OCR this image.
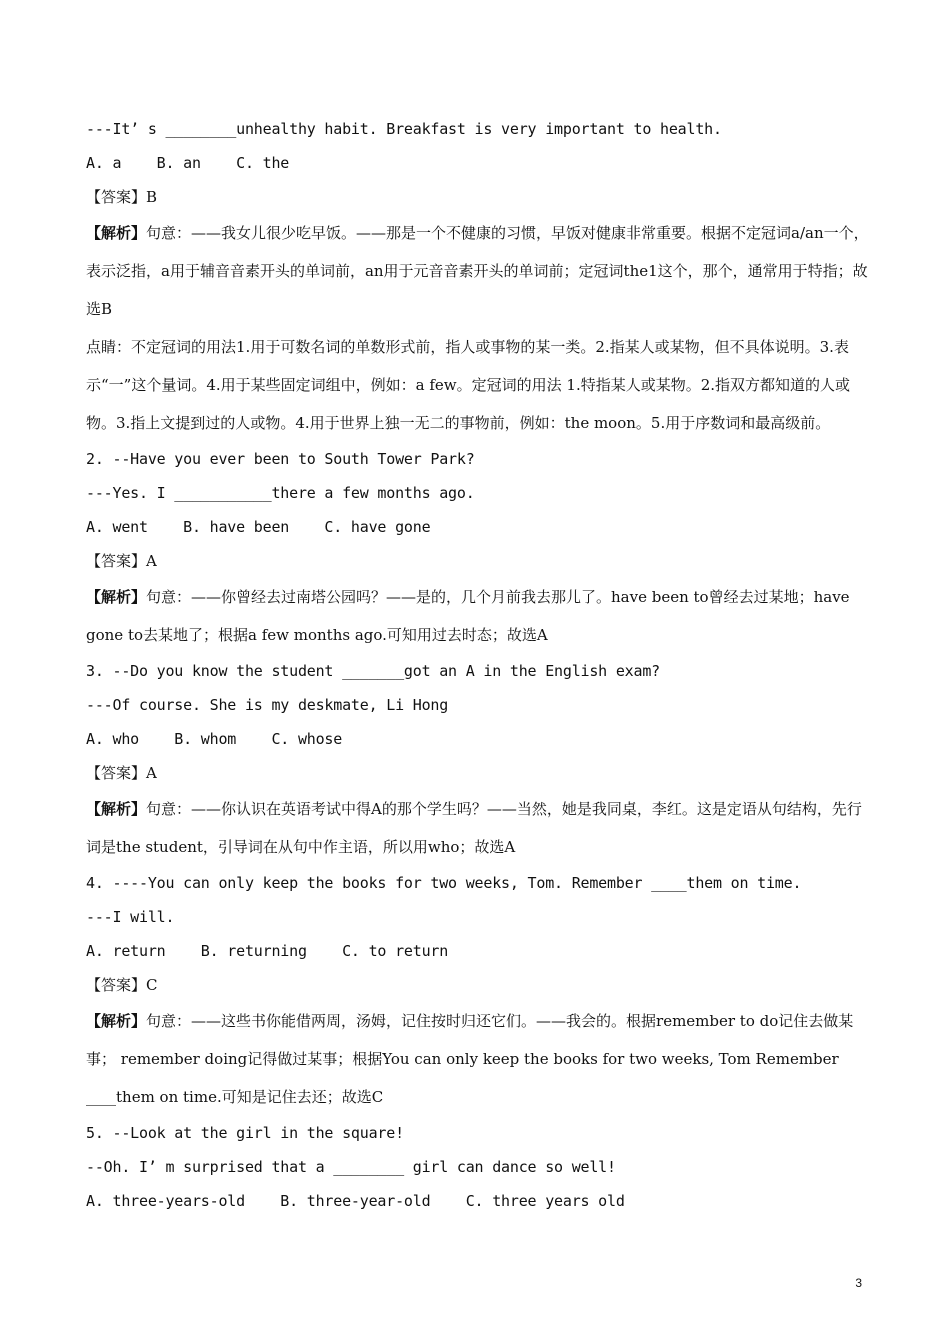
---It’ s ________unhealthy habit. Breakfast is very important to health.
A. a    B. an    C. the
【答案】B
【解析】句意：——我女儿很少吃早饭。——那是一个不健康的习惯，早饭对健康非常重要。根据不定冠词a/an一个，表示泛指，a用于辅音音素开头的单词前，an用于元音音素开头的单词前；定冠词the1这个，那个，通常用于特指；故选B
点睛：不定冠词的用法1.用于可数名词的单数形式前，指人或事物的某一类。2.指某人或某物，但不具体说明。3.表示“一”这个量词。4.用于某些固定词组中，例如：a few。定冠词的用法 1.特指某人或某物。2.指双方都知道的人或物。3.指上文提到过的人或物。4.用于世界上独一无二的事物前，例如：the moon。5.用于序数词和最高级前。
2. --Have you ever been to South Tower Park?
---Yes. I ___________there a few months ago.
A. went    B. have been    C. have gone
【答案】A
【解析】句意：——你曾经去过南塔公园吗？——是的，几个月前我去那儿了。have been to曾经去过某地；have gone to去某地了；根据a few months ago.可知用过去时态；故选A
3. --Do you know the student _______got an A in the English exam?
---Of course. She is my deskmate, Li Hong
A. who    B. whom    C. whose
【答案】A
【解析】句意：——你认识在英语考试中得A的那个学生吗？——当然，她是我同桌，李红。这是定语从句结构，先行词是the student，引导词在从句中作主语，所以用who；故选A
4. ----You can only keep the books for two weeks, Tom. Remember ____them on time.
---I will.
A. return    B. returning    C. to return
【答案】C
【解析】句意：——这些书你能借两周，汤姆，记住按时归还它们。——我会的。根据remember to do记住去做某事； remember doing记得做过某事；根据You can only keep the books for two weeks, Tom Remember ____them on time.可知是记住去还；故选C
5. --Look at the girl in the square!
--Oh. I’ m surprised that a ________ girl can dance so well!
A. three-years-old    B. three-year-old    C. three years old
3
